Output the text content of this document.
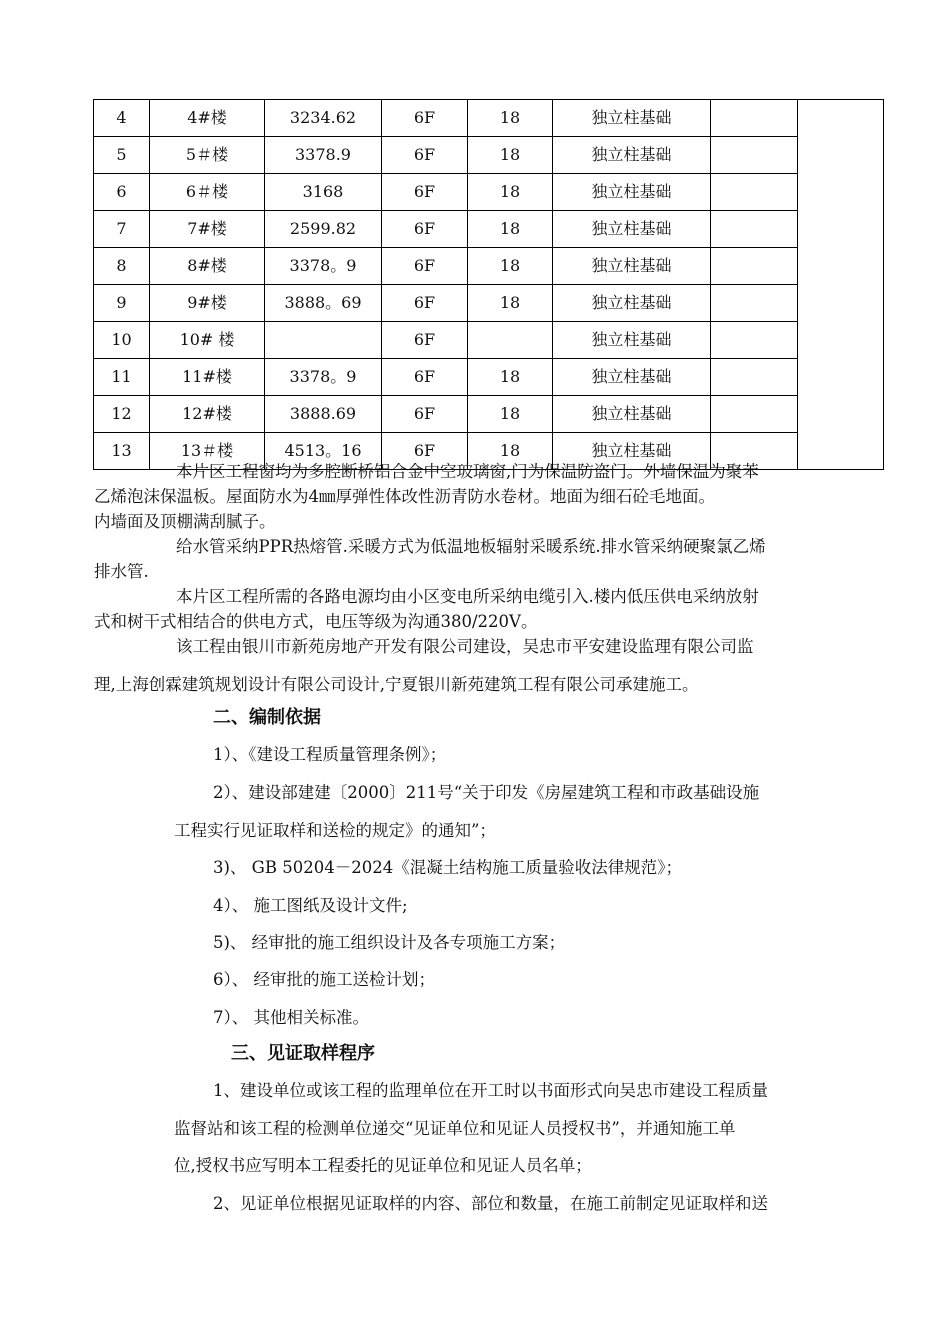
4	4#楼	3234.62	6F	18	独立柱基础		
5	5＃楼	3378.9	6F	18	独立柱基础		
6	6＃楼	3168	6F	18	独立柱基础		
7	7#楼	2599.82	6F	18	独立柱基础		
8	8#楼	3378。9	6F	18	独立柱基础		
9	9#楼	3888。69	6F	18	独立柱基础		
10	10# 楼		6F		独立柱基础		
11	11#楼	3378。9	6F	18	独立柱基础		
12	12#楼	3888.69	6F	18	独立柱基础		
13	13＃楼	4513。16	6F	18	独立柱基础		
本片区工程窗均为多腔断桥铝合金中空玻璃窗,门为保温防盗门。外墙保温为聚苯
乙烯泡沫保温板。屋面防水为4㎜厚弹性体改性沥青防水卷材。地面为细石砼毛地面。
内墙面及顶棚满刮腻子。
给水管采纳PPR热熔管.采暖方式为低温地板辐射采暖系统.排水管采纳硬聚氯乙烯
排水管.
本片区工程所需的各路电源均由小区变电所采纳电缆引入.楼内低压供电采纳放射
式和树干式相结合的供电方式，电压等级为沟通380/220V。
该工程由银川市新苑房地产开发有限公司建设，吴忠市平安建设监理有限公司监
理,上海创霖建筑规划设计有限公司设计,宁夏银川新苑建筑工程有限公司承建施工。
二、编制依据
1）、《建设工程质量管理条例》；
2）、建设部建建〔2000〕211号“关于印发《房屋建筑工程和市政基础设施
工程实行见证取样和送检的规定》的通知”；
3)、 GB 50204－2024《混凝土结构施工质量验收法律规范》；
4）、 施工图纸及设计文件;
5)、 经审批的施工组织设计及各专项施工方案；
6）、 经审批的施工送检计划；
7）、 其他相关标准。
三、见证取样程序
1、建设单位或该工程的监理单位在开工时以书面形式向吴忠市建设工程质量
监督站和该工程的检测单位递交“见证单位和见证人员授权书”，并通知施工单
位,授权书应写明本工程委托的见证单位和见证人员名单；
2、见证单位根据见证取样的内容、部位和数量，在施工前制定见证取样和送
